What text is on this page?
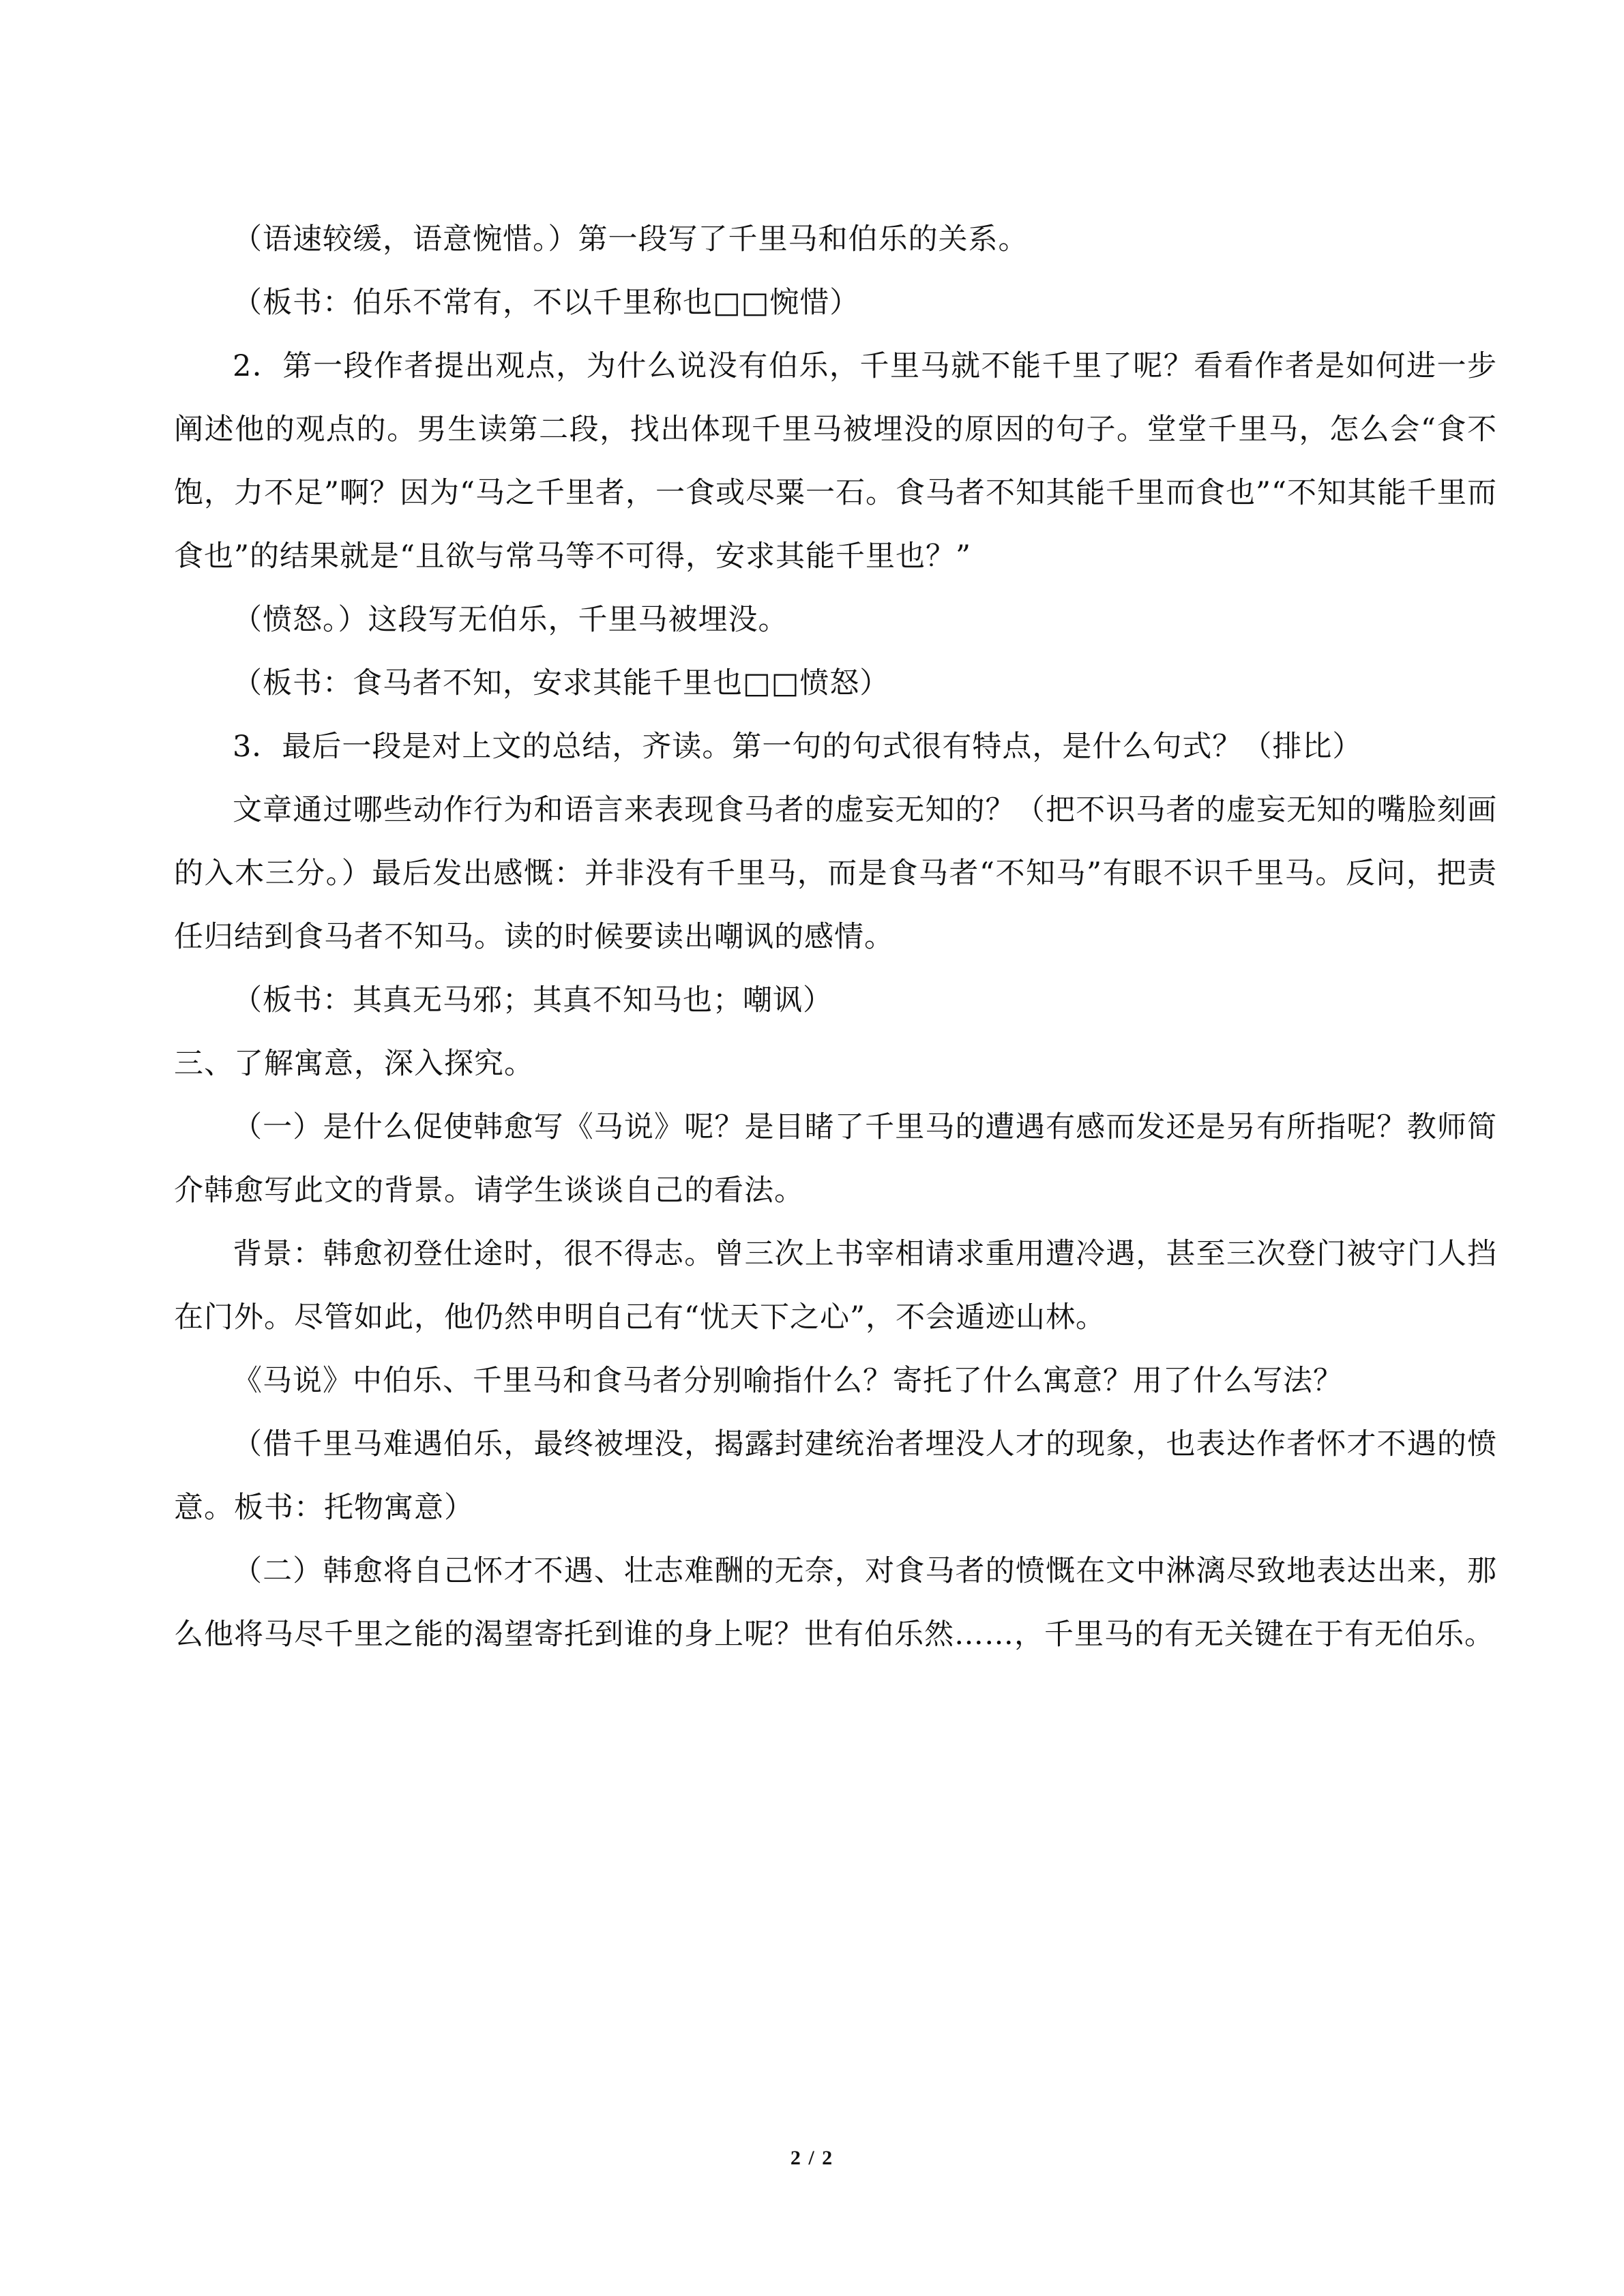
（语速较缓，语意惋惜。）第一段写了千里马和伯乐的关系。

（板书：伯乐不常有，不以千里称也□□惋惜）

2．第一段作者提出观点，为什么说没有伯乐，千里马就不能千里了呢？看看作者是如何进一步阐述他的观点的。男生读第二段，找出体现千里马被埋没的原因的句子。堂堂千里马，怎么会“食不饱，力不足”啊？因为“马之千里者，一食或尽粟一石。食马者不知其能千里而食也”“不知其能千里而食也”的结果就是“且欲与常马等不可得，安求其能千里也？”

（愤怒。）这段写无伯乐，千里马被埋没。

（板书：食马者不知，安求其能千里也□□愤怒）

3．最后一段是对上文的总结，齐读。第一句的句式很有特点，是什么句式？（排比）

文章通过哪些动作行为和语言来表现食马者的虚妄无知的？（把不识马者的虚妄无知的嘴脸刻画的入木三分。）最后发出感慨：并非没有千里马，而是食马者“不知马”有眼不识千里马。反问，把责任归结到食马者不知马。读的时候要读出嘲讽的感情。

（板书：其真无马邪；其真不知马也；嘲讽）

三、了解寓意，深入探究。

（一）是什么促使韩愈写《马说》呢？是目睹了千里马的遭遇有感而发还是另有所指呢？教师简介韩愈写此文的背景。请学生谈谈自己的看法。

背景：韩愈初登仕途时，很不得志。曾三次上书宰相请求重用遭冷遇，甚至三次登门被守门人挡在门外。尽管如此，他仍然申明自己有“忧天下之心”，不会遁迹山林。

《马说》中伯乐、千里马和食马者分别喻指什么？寄托了什么寓意？用了什么写法？

（借千里马难遇伯乐，最终被埋没，揭露封建统治者埋没人才的现象，也表达作者怀才不遇的愤意。板书：托物寓意）

（二）韩愈将自己怀才不遇、壮志难酬的无奈，对食马者的愤慨在文中淋漓尽致地表达出来，那么他将马尽千里之能的渴望寄托到谁的身上呢？世有伯乐然……，千里马的有无关键在于有无伯乐。

2 / 2
